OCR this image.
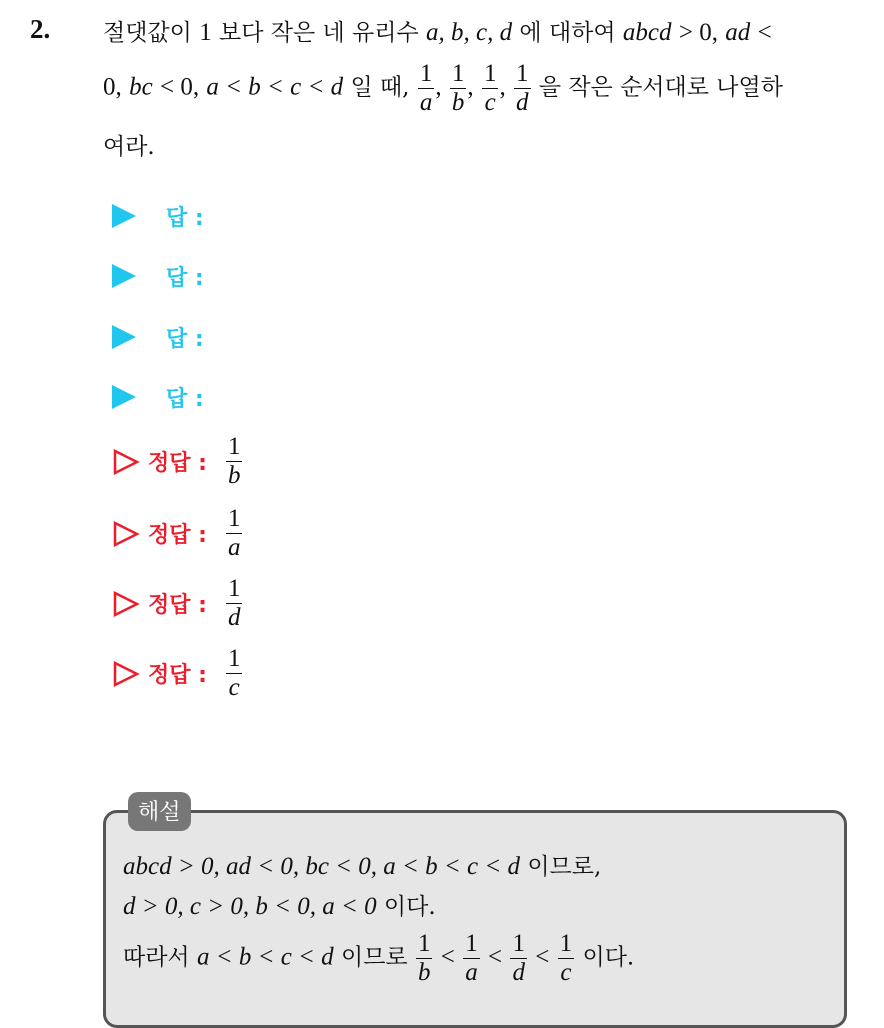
2. 절댓값이 1 보다 작은 네 유리수 a, b, c, d 에 대하여 abcd > 0, ad <
0, bc < 0, a < b < c < d 일 때, $\frac{1}{a}$ , $\frac{1}{b}$ , $\frac{1}{c}$ , $\frac{1}{d}$ 을 작은 순서대로 나열하
여라.
답 :
답 :
답 :
답 :
정답 : $\frac{1}{b}$
정답 : $\frac{1}{a}$
정답 : $\frac{1}{d}$
정답 : $\frac{1}{c}$
해설
abcd > 0, ad < 0, bc < 0, a < b < c < d 이므로,
d > 0, c > 0, b < 0, a < 0 이다.
따라서 a < b < c < d 이므로 $\frac{1}{b} < \frac{1}{a} < \frac{1}{d} < \frac{1}{c}$ 이다.
